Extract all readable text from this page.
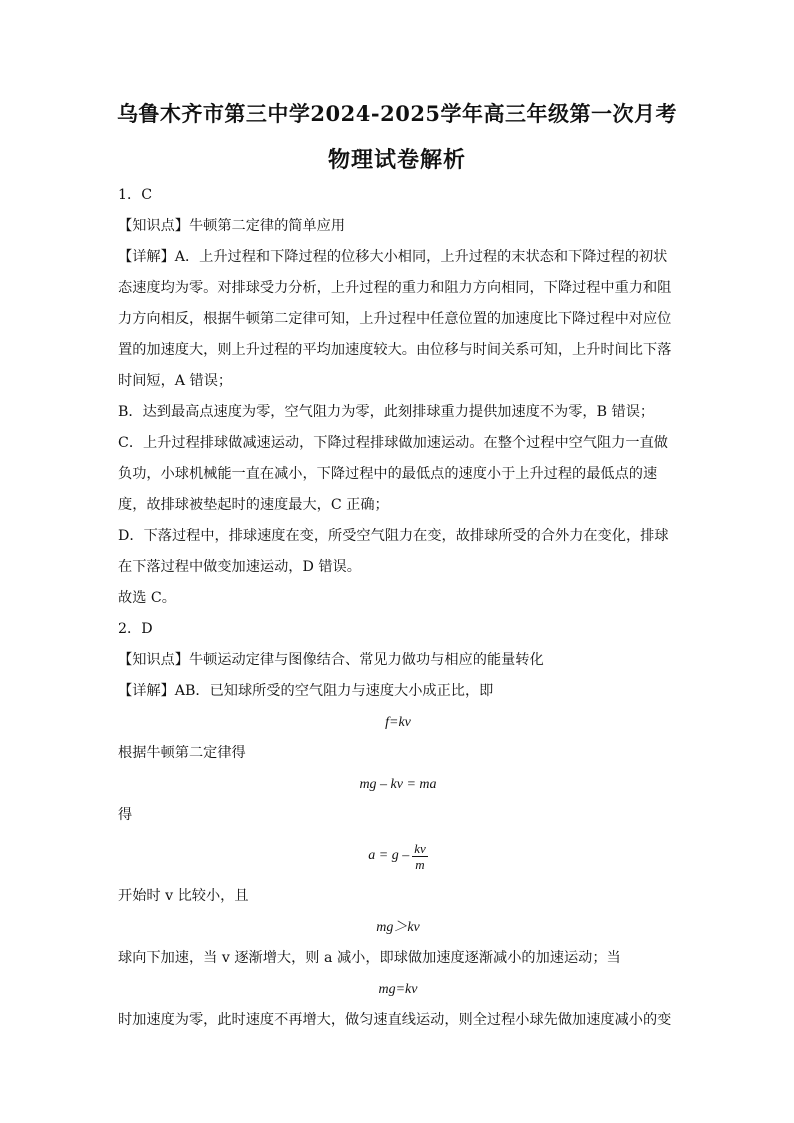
乌鲁木齐市第三中学2024-2025学年高三年级第一次月考
物理试卷解析
1．C
【知识点】牛顿第二定律的简单应用
【详解】A．上升过程和下降过程的位移大小相同，上升过程的末状态和下降过程的初状
态速度均为零。对排球受力分析，上升过程的重力和阻力方向相同，下降过程中重力和阻
力方向相反，根据牛顿第二定律可知，上升过程中任意位置的加速度比下降过程中对应位
置的加速度大，则上升过程的平均加速度较大。由位移与时间关系可知，上升时间比下落
时间短，A 错误；
B．达到最高点速度为零，空气阻力为零，此刻排球重力提供加速度不为零，B 错误；
C．上升过程排球做减速运动，下降过程排球做加速运动。在整个过程中空气阻力一直做
负功，小球机械能一直在减小，下降过程中的最低点的速度小于上升过程的最低点的速
度，故排球被垫起时的速度最大，C 正确；
D．下落过程中，排球速度在变，所受空气阻力在变，故排球所受的合外力在变化，排球
在下落过程中做变加速运动，D 错误。
故选 C。
2．D
【知识点】牛顿运动定律与图像结合、常见力做功与相应的能量转化
【详解】AB．已知球所受的空气阻力与速度大小成正比，即
f=kv
根据牛顿第二定律得
mg – kv = ma
得
$a = g - \frac{kv}{m}$
开始时 v 比较小，且
mg＞kv
球向下加速，当 v 逐渐增大，则 a 减小，即球做加速度逐渐减小的加速运动；当
mg=kv
时加速度为零，此时速度不再增大，做匀速直线运动，则全过程小球先做加速度减小的变
